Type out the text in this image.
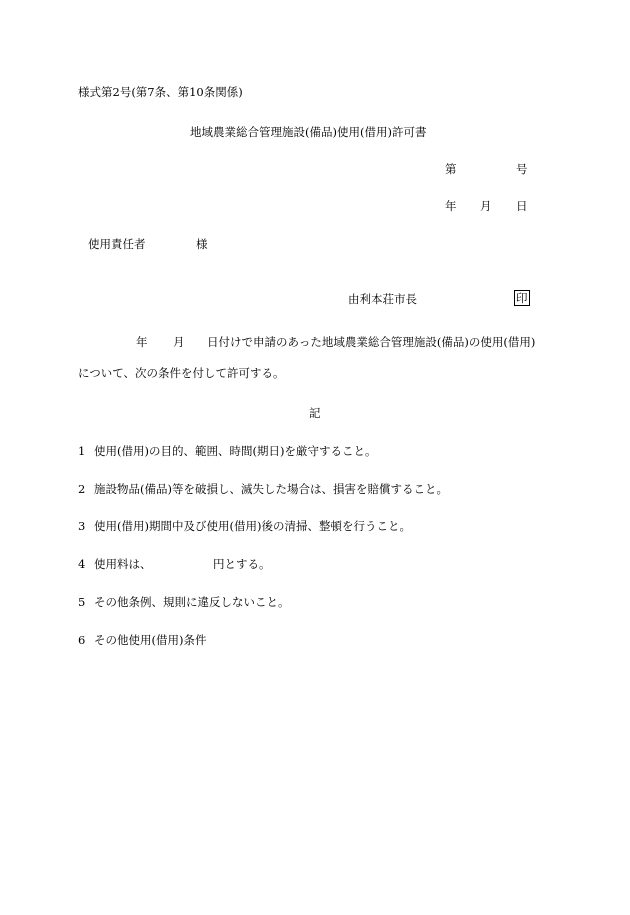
様式第2号(第7条、第10条関係)
地域農業総合管理施設(備品)使用(借用)許可書
第	号
年 月 日
使用責任者	様
由利本荘市長	印
年 月 日付けで申請のあった地域農業総合管理施設(備品)の使用(借用)
について、次の条件を付して許可する。
記
1 使用(借用)の目的、範囲、時間(期日)を厳守すること。
2 施設物品(備品)等を破損し、滅失した場合は、損害を賠償すること。
3 使用(借用)期間中及び使用(借用)後の清掃、整頓を行うこと。
4 使用料は、	円とする。
5 その他条例、規則に違反しないこと。
6 その他使用(借用)条件
